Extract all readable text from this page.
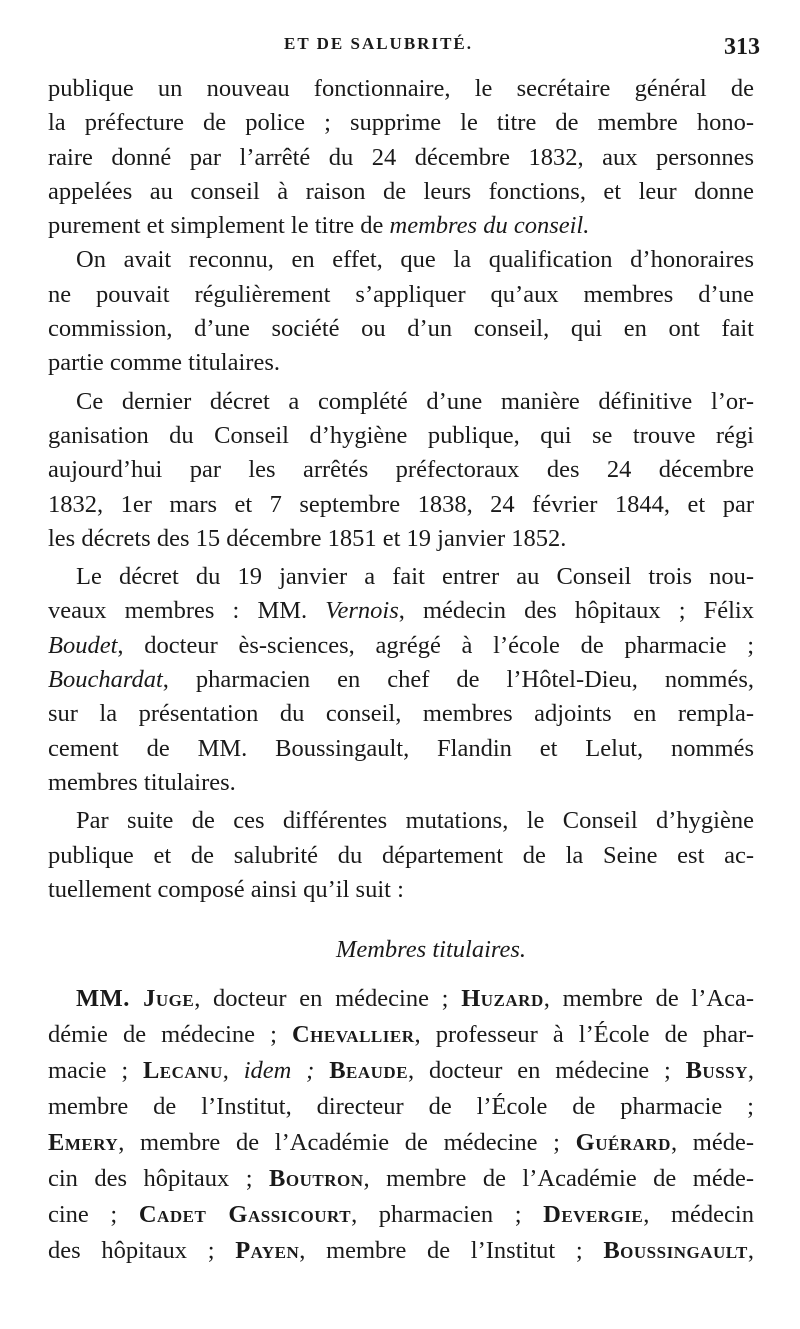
ET DE SALUBRITÉ.	313
publique un nouveau fonctionnaire, le secrétaire général de
la préfecture de police ; supprime le titre de membre hono-
raire donné par l’arrêté du 24 décembre 1832, aux personnes
appelées au conseil à raison de leurs fonctions, et leur donne
purement et simplement le titre de membres du conseil.
On avait reconnu, en effet, que la qualification d’honoraires
ne pouvait régulièrement s’appliquer qu’aux membres d’une
commission, d’une société ou d’un conseil, qui en ont fait
partie comme titulaires.
Ce dernier décret a complété d’une manière définitive l’or-
ganisation du Conseil d’hygiène publique, qui se trouve régi
aujourd’hui par les arrêtés préfectoraux des 24 décembre
1832, 1er mars et 7 septembre 1838, 24 février 1844, et par
les décrets des 15 décembre 1851 et 19 janvier 1852.
Le décret du 19 janvier a fait entrer au Conseil trois nou-
veaux membres : MM. Vernois, médecin des hôpitaux ; Félix
Boudet, docteur ès-sciences, agrégé à l’école de pharmacie ;
Bouchardat, pharmacien en chef de l’Hôtel-Dieu, nommés,
sur la présentation du conseil, membres adjoints en rempla-
cement de MM. Boussingault, Flandin et Lelut, nommés
membres titulaires.
Par suite de ces différentes mutations, le Conseil d’hygiène
publique et de salubrité du département de la Seine est ac-
tuellement composé ainsi qu’il suit :
Membres titulaires.
MM. Juge, docteur en médecine ; Huzard, membre de l’Aca-
démie de médecine ; Chevallier, professeur à l’École de phar-
macie ; Lecanu, idem ; Beaude, docteur en médecine ; Bussy,
membre de l’Institut, directeur de l’École de pharmacie ;
Emery, membre de l’Académie de médecine ; Guérard, méde-
cin des hôpitaux ; Boutron, membre de l’Académie de méde-
cine ; Cadet Gassicourt, pharmacien ; Devergie, médecin
des hôpitaux ; Payen, membre de l’Institut ; Boussingault,
